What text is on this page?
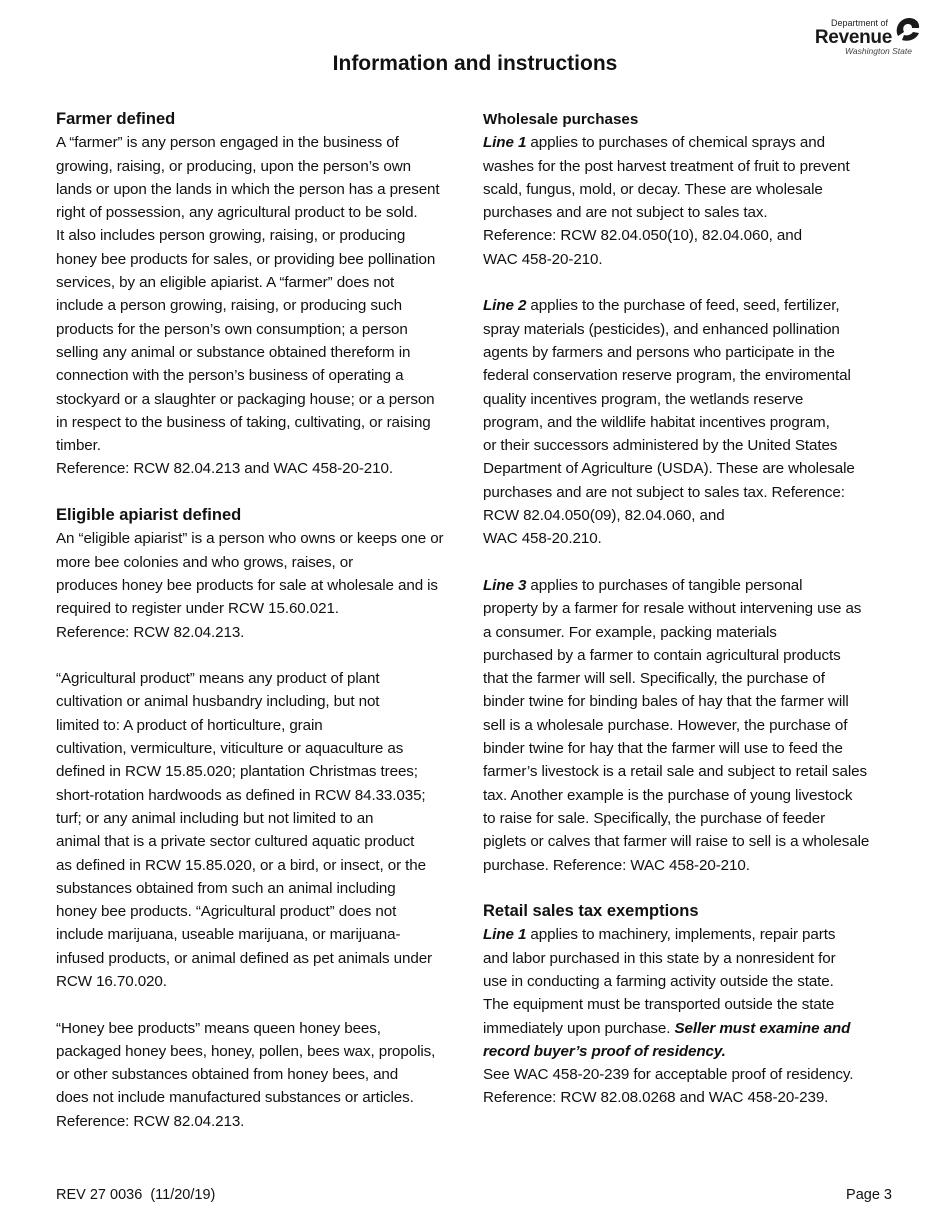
Department of
Revenue
Washington State
Information and instructions
Farmer defined

A “farmer” is any person engaged in the business of
growing, raising, or producing, upon the person’s own
lands or upon the lands in which the person has a present
right of possession, any agricultural product to be sold.
It also includes person growing, raising, or producing
honey bee products for sales, or providing bee pollination
services, by an eligible apiarist. A “farmer” does not
include a person growing, raising, or producing such
products for the person’s own consumption; a person
selling any animal or substance obtained thereform in
connection with the person’s business of operating a
stockyard or a slaughter or packaging house; or a person
in respect to the business of taking, cultivating, or raising
timber.
Reference: RCW 82.04.213 and WAC 458-20-210.

Eligible apiarist defined

An “eligible apiarist” is a person who owns or keeps one or
more bee colonies and who grows, raises, or
produces honey bee products for sale at wholesale and is
required to register under RCW 15.60.021.
Reference: RCW 82.04.213.

“Agricultural product” means any product of plant
cultivation or animal husbandry including, but not
limited to: A product of horticulture, grain
cultivation, vermiculture, viticulture or aquaculture as
defined in RCW 15.85.020; plantation Christmas trees;
short-rotation hardwoods as defined in RCW 84.33.035;
turf; or any animal including but not limited to an
animal that is a private sector cultured aquatic product
as defined in RCW 15.85.020, or a bird, or insect, or the
substances obtained from such an animal including
honey bee products. “Agricultural product” does not
include marijuana, useable marijuana, or marijuana-
infused products, or animal defined as pet animals under
RCW 16.70.020.

“Honey bee products” means queen honey bees,
packaged honey bees, honey, pollen, bees wax, propolis,
or other substances obtained from honey bees, and
does not include manufactured substances or articles.
Reference: RCW 82.04.213.

Wholesale purchases

Line 1 applies to purchases of chemical sprays and
washes for the post harvest treatment of fruit to prevent
scald, fungus, mold, or decay. These are wholesale
purchases and are not subject to sales tax.
Reference: RCW 82.04.050(10), 82.04.060, and
WAC 458-20-210.

Line 2 applies to the purchase of feed, seed, fertilizer,
spray materials (pesticides), and enhanced pollination
agents by farmers and persons who participate in the
federal conservation reserve program, the enviromental
quality incentives program, the wetlands reserve
program, and the wildlife habitat incentives program,
or their successors administered by the United States
Department of Agriculture (USDA). These are wholesale
purchases and are not subject to sales tax. Reference:
RCW 82.04.050(09), 82.04.060, and
WAC 458-20.210.

Line 3 applies to purchases of tangible personal
property by a farmer for resale without intervening use as
a consumer. For example, packing materials
purchased by a farmer to contain agricultural products
that the farmer will sell. Specifically, the purchase of
binder twine for binding bales of hay that the farmer will
sell is a wholesale purchase. However, the purchase of
binder twine for hay that the farmer will use to feed the
farmer’s livestock is a retail sale and subject to retail sales
tax. Another example is the purchase of young livestock
to raise for sale. Specifically, the purchase of feeder
piglets or calves that farmer will raise to sell is a wholesale
purchase. Reference: WAC 458-20-210.

Retail sales tax exemptions

Line 1 applies to machinery, implements, repair parts
and labor purchased in this state by a nonresident for
use in conducting a farming activity outside the state.
The equipment must be transported outside the state
immediately upon purchase. Seller must examine and
record buyer’s proof of residency.
See WAC 458-20-239 for acceptable proof of residency.
Reference: RCW 82.08.0268 and WAC 458-20-239.

REV 27 0036  (11/20/19)	Page 3
